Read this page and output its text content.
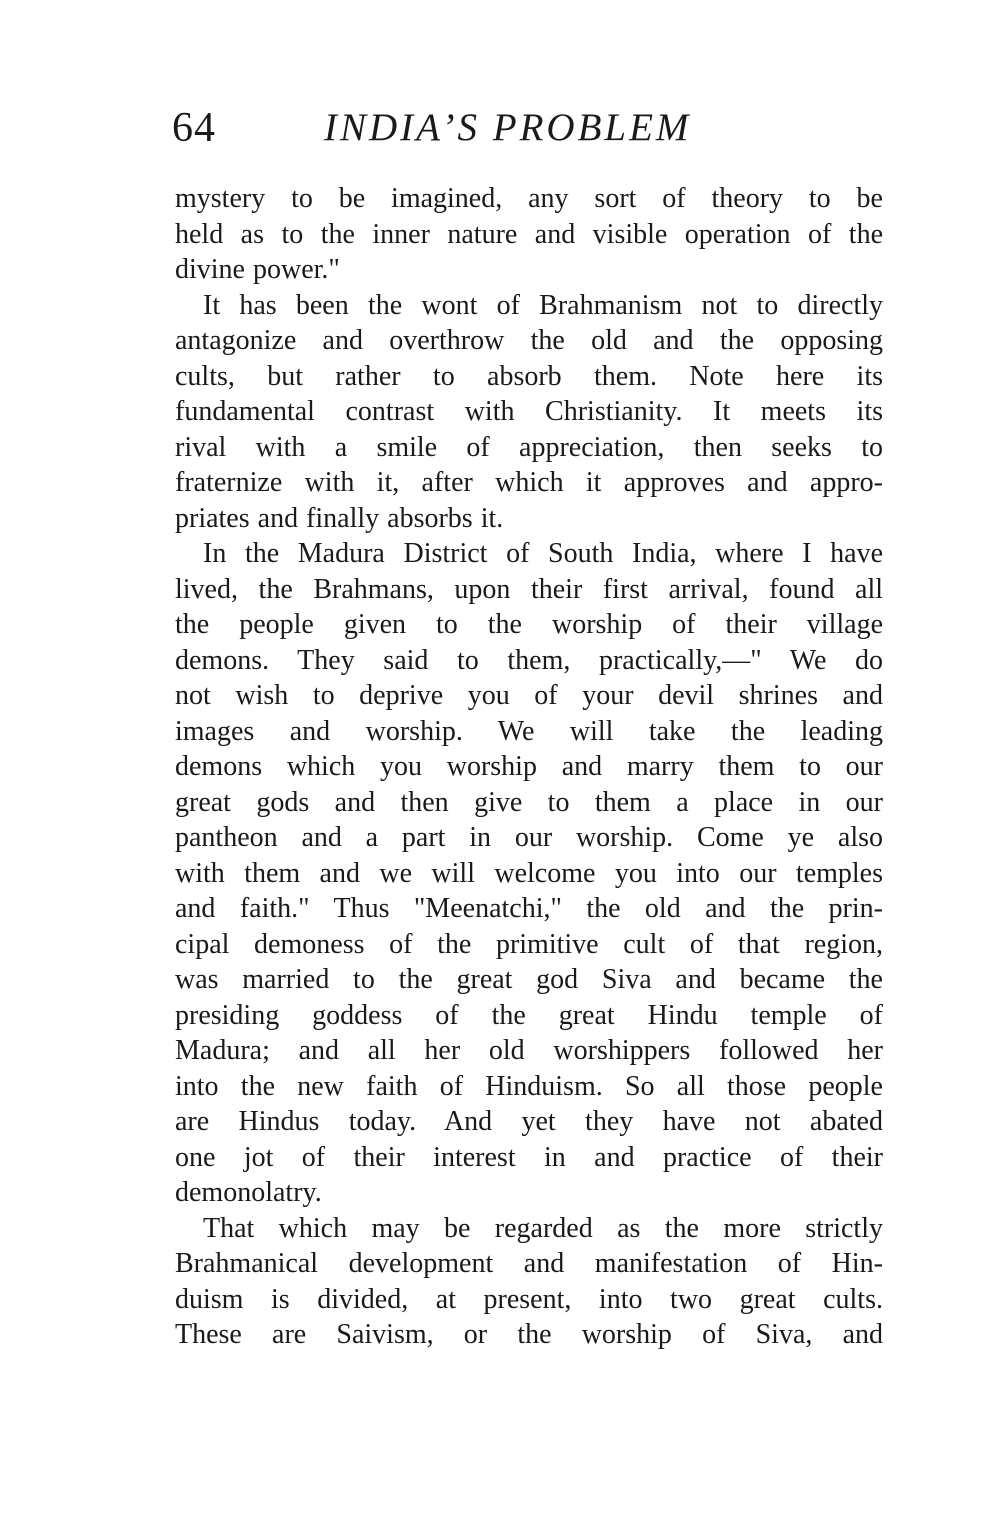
64	INDIA’S PROBLEM
mystery to be imagined, any sort of theory to be
held as to the inner nature and visible operation of the
divine power."
It has been the wont of Brahmanism not to directly
antagonize and overthrow the old and the opposing
cults, but rather to absorb them. Note here its
fundamental contrast with Christianity. It meets its
rival with a smile of appreciation, then seeks to
fraternize with it, after which it approves and appro-
priates and finally absorbs it.
In the Madura District of South India, where I have
lived, the Brahmans, upon their first arrival, found all
the people given to the worship of their village
demons. They said to them, practically,—" We do
not wish to deprive you of your devil shrines and
images and worship. We will take the leading
demons which you worship and marry them to our
great gods and then give to them a place in our
pantheon and a part in our worship. Come ye also
with them and we will welcome you into our temples
and faith." Thus "Meenatchi," the old and the prin-
cipal demoness of the primitive cult of that region,
was married to the great god Siva and became the
presiding goddess of the great Hindu temple of
Madura; and all her old worshippers followed her
into the new faith of Hinduism. So all those people
are Hindus today. And yet they have not abated
one jot of their interest in and practice of their
demonolatry.
That which may be regarded as the more strictly
Brahmanical development and manifestation of Hin-
duism is divided, at present, into two great cults.
These are Saivism, or the worship of Siva, and
